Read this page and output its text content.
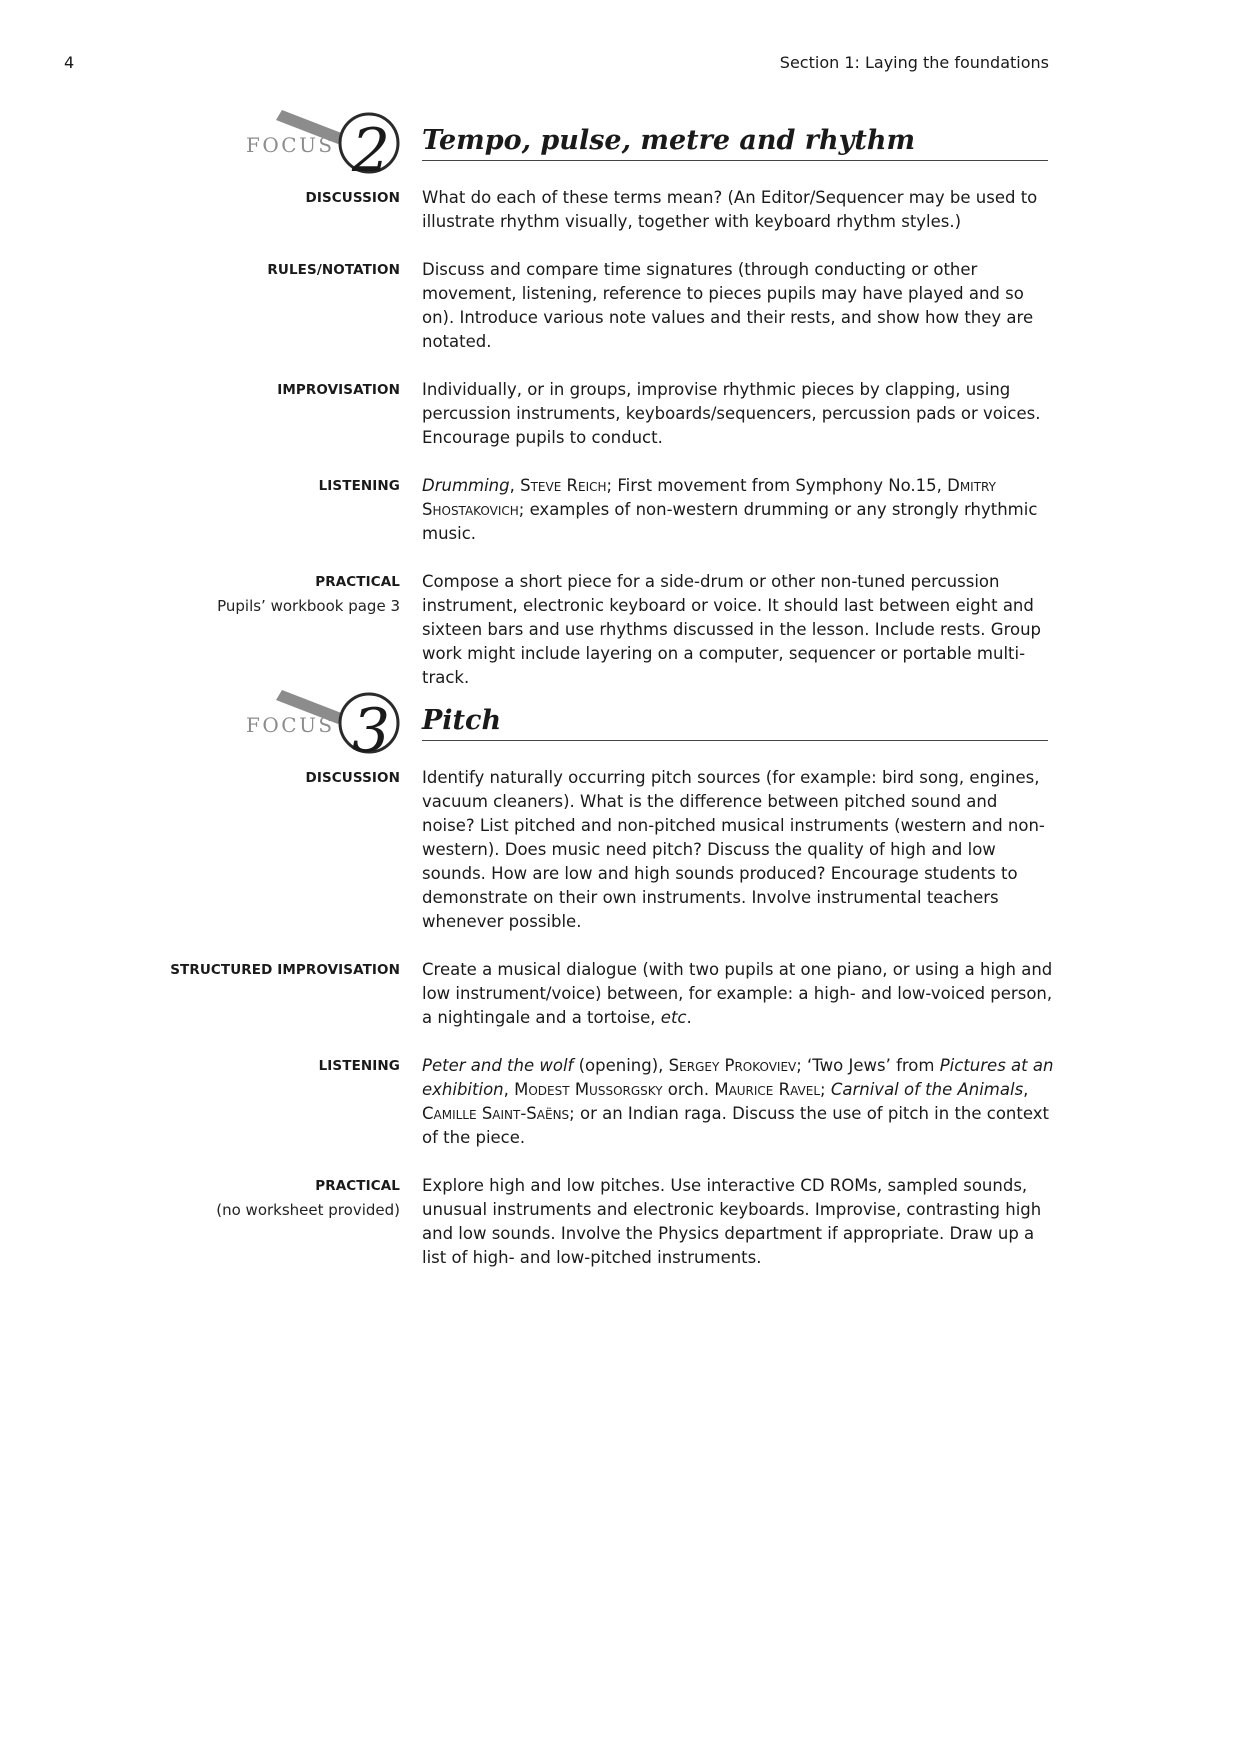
4	Section 1: Laying the foundations
FOCUS 2 Tempo, pulse, metre and rhythm
DISCUSSION What do each of these terms mean? (An Editor/Sequencer may be used to illustrate rhythm visually, together with keyboard rhythm styles.)
RULES/NOTATION Discuss and compare time signatures (through conducting or other movement, listening, reference to pieces pupils may have played and so on). Introduce various note values and their rests, and show how they are notated.
IMPROVISATION Individually, or in groups, improvise rhythmic pieces by clapping, using percussion instruments, keyboards/sequencers, percussion pads or voices. Encourage pupils to conduct.
LISTENING Drumming, Steve Reich; First movement from Symphony No.15, Dmitry Shostakovich; examples of non-western drumming or any strongly rhythmic music.
PRACTICAL
Pupils’ workbook page 3
Compose a short piece for a side-drum or other non-tuned percussion instrument, electronic keyboard or voice. It should last between eight and sixteen bars and use rhythms discussed in the lesson. Include rests. Group work might include layering on a computer, sequencer or portable multi-track.
FOCUS 3 Pitch
DISCUSSION Identify naturally occurring pitch sources (for example: bird song, engines, vacuum cleaners). What is the difference between pitched sound and noise? List pitched and non-pitched musical instruments (western and non-western). Does music need pitch? Discuss the quality of high and low sounds. How are low and high sounds produced? Encourage students to demonstrate on their own instruments. Involve instrumental teachers whenever possible.
STRUCTURED IMPROVISATION Create a musical dialogue (with two pupils at one piano, or using a high and low instrument/voice) between, for example: a high- and low-voiced person, a nightingale and a tortoise, etc.
LISTENING Peter and the wolf (opening), Sergey Prokoviev; ‘Two Jews’ from Pictures at an exhibition, Modest Mussorgsky orch. Maurice Ravel; Carnival of the Animals, Camille Saint-Saëns; or an Indian raga. Discuss the use of pitch in the context of the piece.
PRACTICAL
(no worksheet provided)
Explore high and low pitches. Use interactive CD ROMs, sampled sounds, unusual instruments and electronic keyboards. Improvise, contrasting high and low sounds. Involve the Physics department if appropriate. Draw up a list of high- and low-pitched instruments.
